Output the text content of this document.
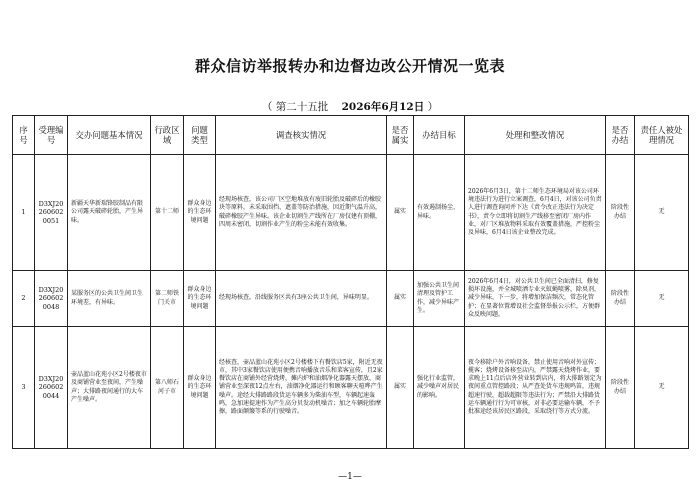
群众信访举报转办和边督边改公开情况一览表
（ 第二十五批 2026年6月12日 ）
序号	受理编号	交办问题基本情况	行政区域	问题类型	调查核实情况	是否属实	办结目标	处理和整改情况	是否办结	责任人被处理情况
1	D3XJ202606020051	新疆天华新瑞锋胶制品有限公司露天破碎轮胎，产生异味。	第十二师	群众身边的生态环境问题	经现场核查，该公司厂区空地堆放有废旧轮胎及破碎后的橡胶块等原料，未采取围挡、遮盖等防治措施，因近期气温升高，破碎橡胶产生异味。该企业切割生产线所在厂房仅建有顶棚，四周未密闭，切割作业产生的粉尘未能有效收集。	属实	有效遏制扬尘、异味。	2026年6月3日，第十二师生态环境局对该公司环境违法行为进行立案调查，6月4日，对该公司负责人进行调查询问并下达《责令改正违法行为决定书》，责令立即将切割生产线移至密闭厂房内作业，对厂区堆放物料采取有效覆盖措施，严控粉尘及异味，6月4日该企业整改完成。	阶段性办结	无
2	D3XJ202606020048	某服务区的公共卫生间卫生环境差，有异味。	第二师铁门关市	群众身边的生态环境问题	经现场核查，沿线服务区共有3座公共卫生间，异味明显。	属实	加强公共卫生间清理及管护工作，减少异味产生。	2026年6月4日，对公共卫生间已全面清扫，修复损坏设施，并全城喷洒专业灭蚊蝇喷雾，除臭剂，减少异味，下一步，将增加保洁频次，常态化管护；在显著位置增设社会监督举报公示栏，方便群众反映问题。	阶段性办结	无
3	D3XJ202606020044	壶品蓝山花苑小区2号楼夜市及商铺营业至夜间，产生噪声；大排路夜间通行的大车产生噪声。	第八师石河子市	群众身边的生态环境问题	经核查，壶品蓝山花苑小区2号楼楼下有餐饮店5家，附近无夜市，其中3家餐饮店使用便携音响播放音乐和菜客宣传，且2家餐饮店在商铺外经营烧烤，摊内炉和油烟净化器露天摆放，商铺营业至深夜12点左右，油烟净化器运行和顾客聊天喧哗产生噪声。途经大排路路段货运车辆多为柴油车型，车辆起速轰鸣，急加速提速作为产生高分贝发动机噪音；加之车辆轮胎摩擦，路面颠簸等系的行驶噪音。	属实	强化行业监管，减少噪声对居民的影响。	夜今移除户外音响设备，禁止使用音响对外宣传；揽客；烧烤设备移至店内，严禁露天烧烤作业，要求晚上11点后店外营业转到店内，将大排路划定为夜间重点管控路段；从严查处货车违规鸣笛，违规超速行驶，超载超限等违法行为；严禁沿大排路货运车辆通行行为可审核，对非必要运输车辆，不予批准途经该居民区路段，采取绕行等方式分流。	阶段性办结	无
—1—
